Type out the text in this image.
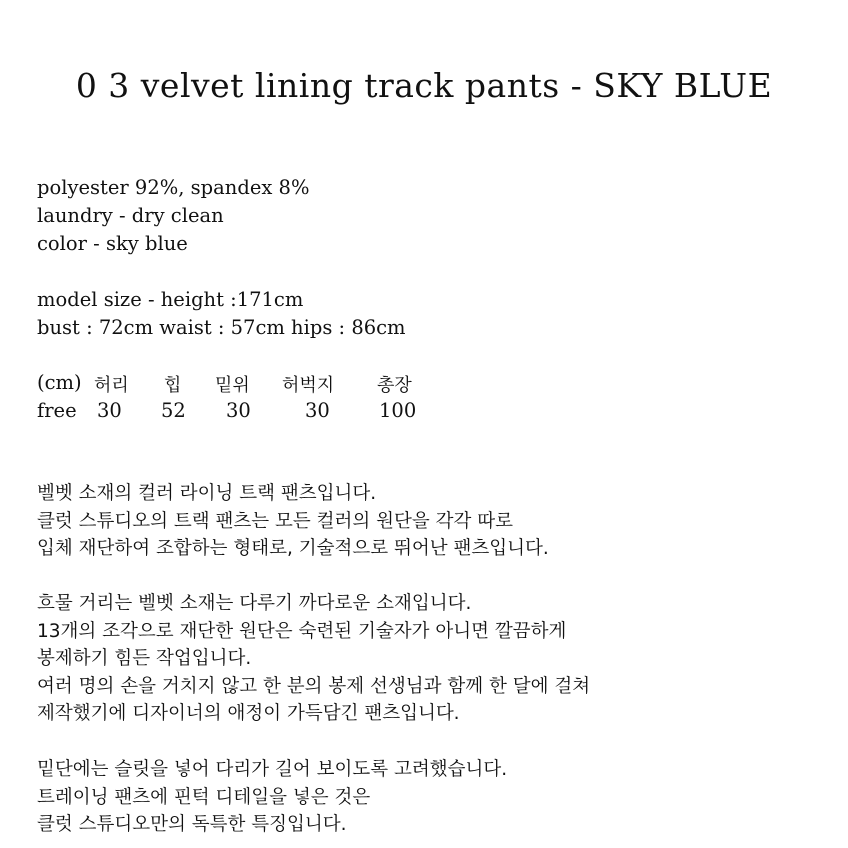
0 3 velvet lining track pants - SKY BLUE
polyester 92%, spandex 8%
laundry - dry clean
color - sky blue
model size - height :171cm
bust : 72cm waist : 57cm hips : 86cm
(cm) 허리 힙 밑위 허벅지 총장
free 30 52 30	30	100
벨벳 소재의 컬러 라이닝 트랙 팬츠입니다.
클럿 스튜디오의 트랙 팬츠는 모든 컬러의 원단을 각각 따로
입체 재단하여 조합하는 형태로, 기술적으로 뛰어난 팬츠입니다.
흐물 거리는 벨벳 소재는 다루기 까다로운 소재입니다.
13개의 조각으로 재단한 원단은 숙련된 기술자가 아니면 깔끔하게
봉제하기 힘든 작업입니다.
여러 명의 손을 거치지 않고 한 분의 봉제 선생님과 함께 한 달에 걸쳐
제작했기에 디자이너의 애정이 가득담긴 팬츠입니다.
밑단에는 슬릿을 넣어 다리가 길어 보이도록 고려했습니다.
트레이닝 팬츠에 핀턱 디테일을 넣은 것은
클럿 스튜디오만의 독특한 특징입니다.
